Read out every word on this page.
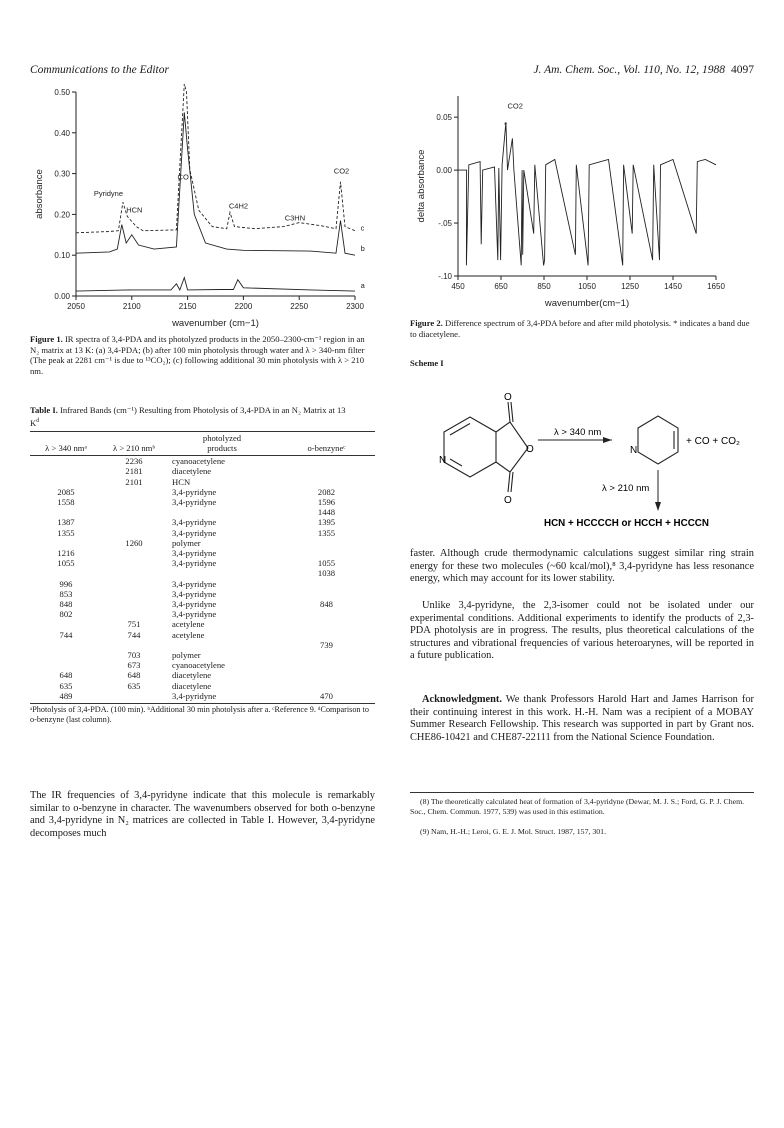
Communications to the Editor	J. Am. Chem. Soc., Vol. 110, No. 12, 1988 4097
2050	2100	2150	2200	2250	2300
0.00
0.10
0.20
0.30
0.40
0.50
wavenumber (cm−1)
absorbance	Pyridyne
HCN
CO
C4H2
C3HN
CO2
c
b
a
Figure 1. IR spectra of 3,4-PDA and its photolyzed products in the 2050–2300-cm⁻¹ region in an N₂ matrix at 13 K: (a) 3,4-PDA; (b) after 100 min photolysis through water and λ > 340-nm filter (The peak at 2281 cm⁻¹ is due to ¹³CO₂); (c) following additional 30 min photolysis with λ > 210 nm.
Table I. Infrared Bands (cm⁻¹) Resulting from Photolysis of 3,4-PDA in an N₂ Matrix at 13 $K^d$
λ > 340 nmᵃ	λ > 210 nmᵇ	photolyzed products	o-benzyneᶜ

	2236	cyanoacetylene	
	2181	diacetylene	
	2101	HCN	
2085		3,4-pyridyne	2082
1558		3,4-pyridyne	1596
			1448
1387		3,4-pyridyne	1395
1355		3,4-pyridyne	1355
	1260	polymer	
1216		3,4-pyridyne	
1055		3,4-pyridyne	1055
			1038
996		3,4-pyridyne	
853		3,4-pyridyne	
848		3,4-pyridyne	848
802		3,4-pyridyne	
	751	acetylene	
744	744	acetylene	
			739
	703	polymer	
	673	cyanoacetylene	
648	648	diacetylene	
635	635	diacetylene	
489		3,4-pyridyne	470
ᵃPhotolysis of 3,4-PDA. (100 min). ᵇAdditional 30 min photolysis after a. ᶜReference 9. ᵈComparison to o-benzyne (last column).
The IR frequencies of 3,4-pyridyne indicate that this molecule is remarkably similar to o-benzyne in character. The wavenumbers observed for both o-benzyne and 3,4-pyridyne in N₂ matrices are collected in Table I. However, 3,4-pyridyne decomposes much
450	650	850	1050	1250	1450	1650
-.10
-.05
0.00
0.05
wavenumber(cm−1)
delta absorbance
CO2
*
Figure 2. Difference spectrum of 3,4-PDA before and after mild photolysis. * indicates a band due to diacetylene.
Scheme I
N
O
O
O
λ > 340 nm
N
+ CO + CO₂
λ > 210 nm
HCN + HCCCCH or HCCH + HCCCN
faster. Although crude thermodynamic calculations suggest similar ring strain energy for these two molecules (~60 kcal/mol),⁸ 3,4-pyridyne has less resonance energy, which may account for its lower stability.
Unlike 3,4-pyridyne, the 2,3-isomer could not be isolated under our experimental conditions. Additional experiments to identify the products of 2,3-PDA photolysis are in progress. The results, plus theoretical calculations of the structures and vibrational frequencies of various heteroarynes, will be reported in a future publication.
Acknowledgment. We thank Professors Harold Hart and James Harrison for their continuing interest in this work. H.-H. Nam was a recipient of a MOBAY Summer Research Fellowship. This research was supported in part by Grant nos. CHE86-10421 and CHE87-22111 from the National Science Foundation.
(8) The theoretically calculated heat of formation of 3,4-pyridyne (Dewar, M. J. S.; Ford, G. P. J. Chem. Soc., Chem. Commun. 1977, 539) was used in this estimation.
(9) Nam, H.-H.; Leroi, G. E. J. Mol. Struct. 1987, 157, 301.
